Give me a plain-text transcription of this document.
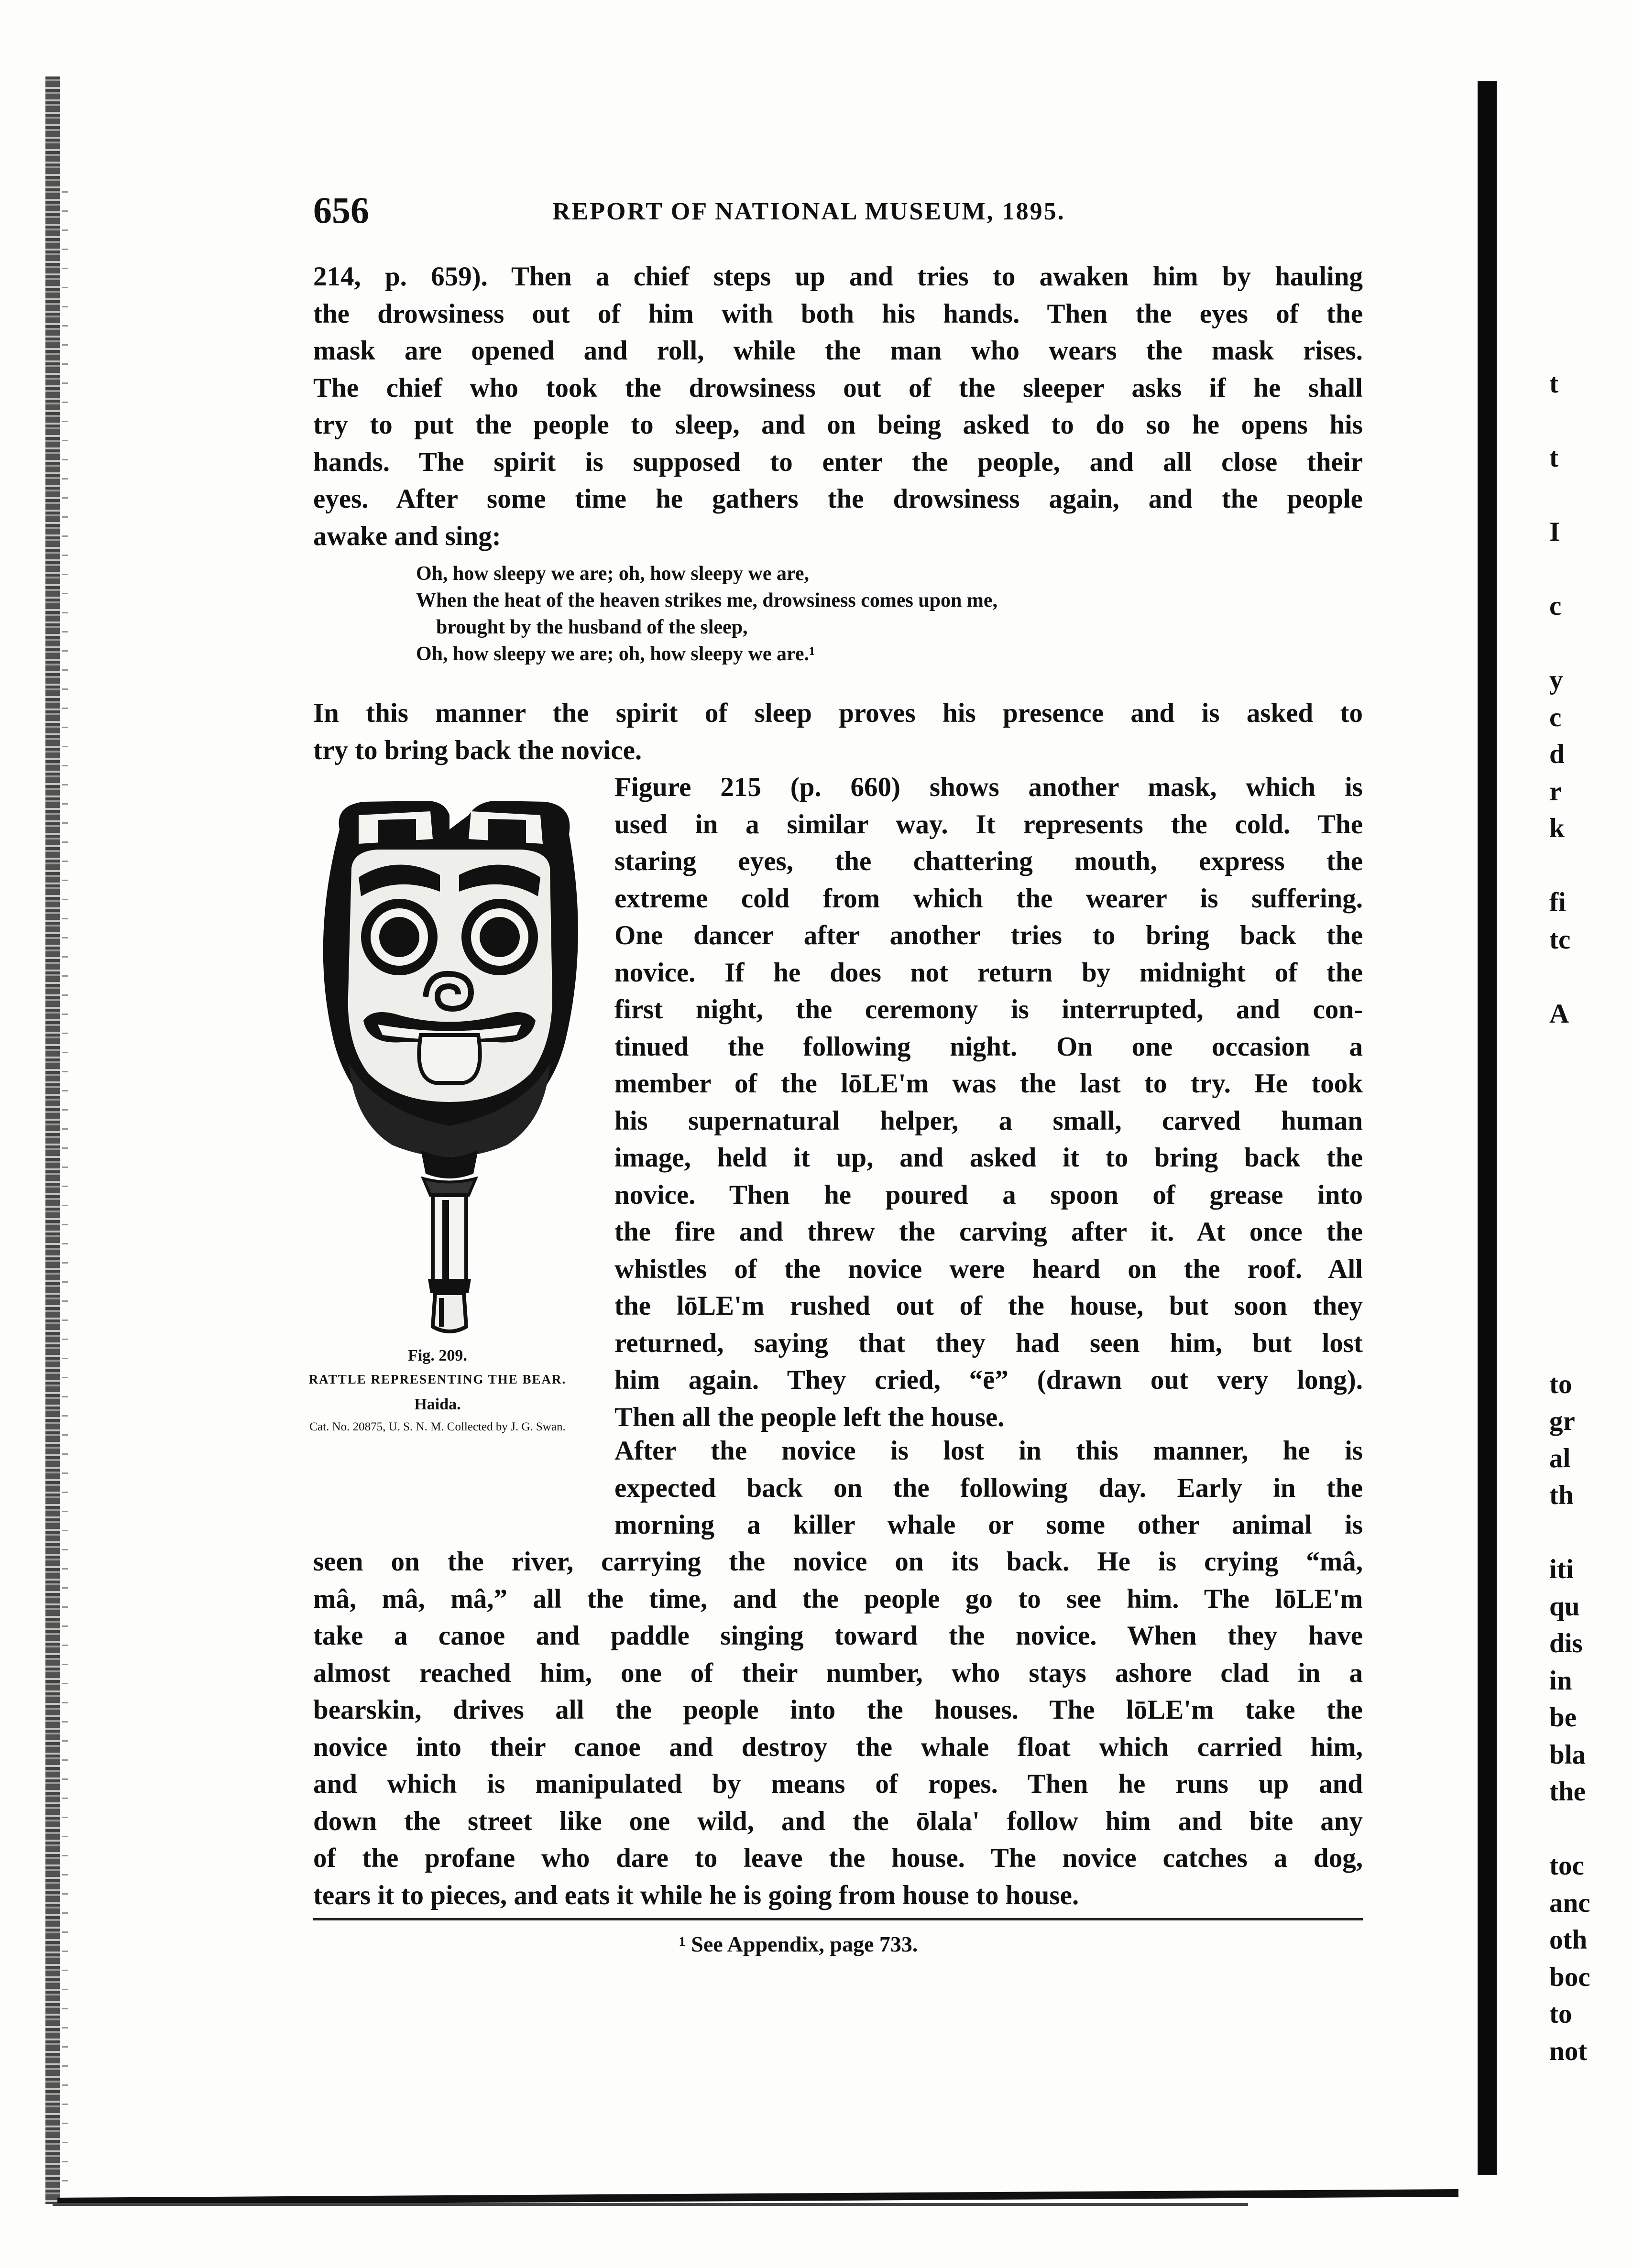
656	REPORT OF NATIONAL MUSEUM, 1895.
214, p. 659). Then a chief steps up and tries to awaken him by hauling
the drowsiness out of him with both his hands. Then the eyes of the
mask are opened and roll, while the man who wears the mask rises.
The chief who took the drowsiness out of the sleeper asks if he shall
try to put the people to sleep, and on being asked to do so he opens his
hands. The spirit is supposed to enter the people, and all close their
eyes. After some time he gathers the drowsiness again, and the people
awake and sing:
Oh, how sleepy we are; oh, how sleepy we are,
When the heat of the heaven strikes me, drowsiness comes upon me,
brought by the husband of the sleep,
Oh, how sleepy we are; oh, how sleepy we are.¹
In this manner the spirit of sleep proves his presence and is asked to
try to bring back the novice.
Figure 215 (p. 660) shows another mask, which is
used in a similar way. It represents the cold. The
staring eyes, the chattering mouth, express the
extreme cold from which the wearer is suffering.
One dancer after another tries to bring back the
novice. If he does not return by midnight of the
first night, the ceremony is interrupted, and con-
tinued the following night. On one occasion a
member of the lōLE'm was the last to try. He took
his supernatural helper, a small, carved human
image, held it up, and asked it to bring back the
novice. Then he poured a spoon of grease into
the fire and threw the carving after it. At once the
whistles of the novice were heard on the roof. All
the lōLE'm rushed out of the house, but soon they
returned, saying that they had seen him, but lost
him again. They cried, “ē” (drawn out very long).
Then all the people left the house.
After the novice is lost in this manner, he is
expected back on the following day. Early in the
morning a killer whale or some other animal is
seen on the river, carrying the novice on its back. He is crying “mâ,
mâ, mâ, mâ,” all the time, and the people go to see him. The lōLE'm
take a canoe and paddle singing toward the novice. When they have
almost reached him, one of their number, who stays ashore clad in a
bearskin, drives all the people into the houses. The lōLE'm take the
novice into their canoe and destroy the whale float which carried him,
and which is manipulated by means of ropes. Then he runs up and
down the street like one wild, and the ōlala' follow him and bite any
of the profane who dare to leave the house. The novice catches a dog,
tears it to pieces, and eats it while he is going from house to house.
Fig. 209.
RATTLE REPRESENTING THE BEAR.
Haida.
Cat. No. 20875, U. S. N. M. Collected by J. G. Swan.
¹ See Appendix, page 733.
t
t
I
c
y
c
d
r
k
fi
tc
A
to
gr
al
th
iti
qu
dis
in
be
bla
the
toc
anc
oth
boc
to
not
